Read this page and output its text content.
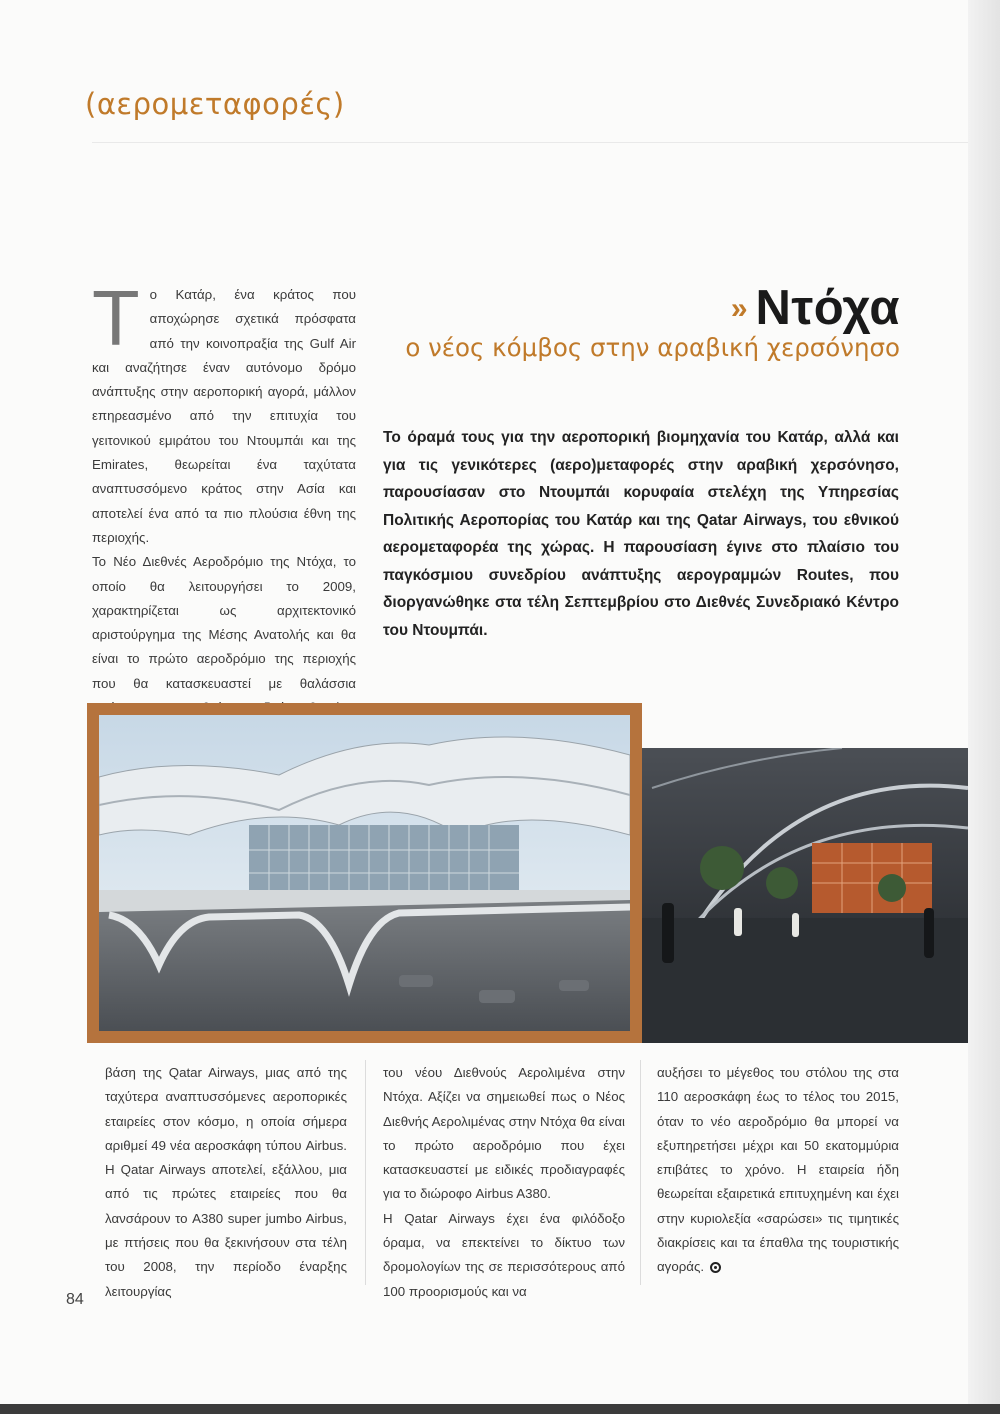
(αερομεταφορές)

Το Κατάρ, ένα κράτος που αποχώρησε σχετικά πρόσφατα από την κοινοπραξία της Gulf Air και αναζήτησε έναν αυτόνομο δρόμο ανάπτυξης στην αεροπορική αγορά, μάλλον επηρεασμένο από την επιτυχία του γειτονικού εμιράτου του Ντουμπάι και της Emirates, θεωρείται ένα ταχύτατα αναπτυσσόμενο κράτος στην Ασία και αποτελεί ένα από τα πιο πλούσια έθνη της περιοχής.

Το Νέο Διεθνές Αεροδρόμιο της Ντόχα, το οποίο θα λειτουργήσει το 2009, χαρακτηρίζεται ως αρχιτεκτονικό αριστούργημα της Μέσης Ανατολής και θα είναι το πρώτο αεροδρόμιο της περιοχής που θα κατασκευαστεί με θαλάσσια

» Ντόχα
ο νέος κόμβος στην αραβική χερσόνησο
Το όραμά τους για την αεροπορική βιομηχανία του Κατάρ, αλλά και για τις γενικότερες (αερο)μεταφορές στην αραβική χερσόνησο, παρουσίασαν στο Ντουμπάι κορυφαία στελέχη της Υπηρεσίας Πολιτικής Αεροπορίας του Κατάρ και της Qatar Airways, του εθνικού αερομεταφορέα της χώρας. Η παρουσίαση έγινε στο πλαίσιο του παγκόσμιου συνεδρίου ανάπτυξης αερογραμμών Routes, που διοργανώθηκε στα τέλη Σεπτεμβρίου στο Διεθνές Συνεδριακό Κέντρο του Ντουμπάι.

βάση της Qatar Airways, μιας από της ταχύτερα αναπτυσσόμενες αεροπορικές εταιρείες στον κόσμο, η οποία σήμερα αριθμεί 49 νέα αεροσκάφη τύπου Airbus. Η Qatar Airways αποτελεί, εξάλλου, μια από τις πρώτες εταιρείες που θα λανσάρουν το A380 super jumbo Airbus, με πτήσεις που θα ξεκινήσουν στα τέλη του 2008, την περίοδο έναρξης λειτουργίας

του νέου Διεθνούς Αερολιμένα στην Ντόχα. Αξίζει να σημειωθεί πως ο Νέος Διεθνής Αερολιμένας στην Ντόχα θα είναι το πρώτο αεροδρόμιο που έχει κατασκευαστεί με ειδικές προδιαγραφές για το διώροφο Airbus A380.

Η Qatar Airways έχει ένα φιλόδοξο όραμα, να επεκτείνει το δίκτυο των δρομολογίων της σε περισσότερους από 100 προορισμούς και να

αυξήσει το μέγεθος του στόλου της στα 110 αεροσκάφη έως το τέλος του 2015, όταν το νέο αεροδρόμιο θα μπορεί να εξυπηρετήσει μέχρι και 50 εκατομμύρια επιβάτες το χρόνο. Η εταιρεία ήδη θεωρείται εξαιρετικά επιτυχημένη και έχει στην κυριολεξία «σαρώσει» τις τιμητικές διακρίσεις και τα έπαθλα της τουριστικής αγοράς.

84
